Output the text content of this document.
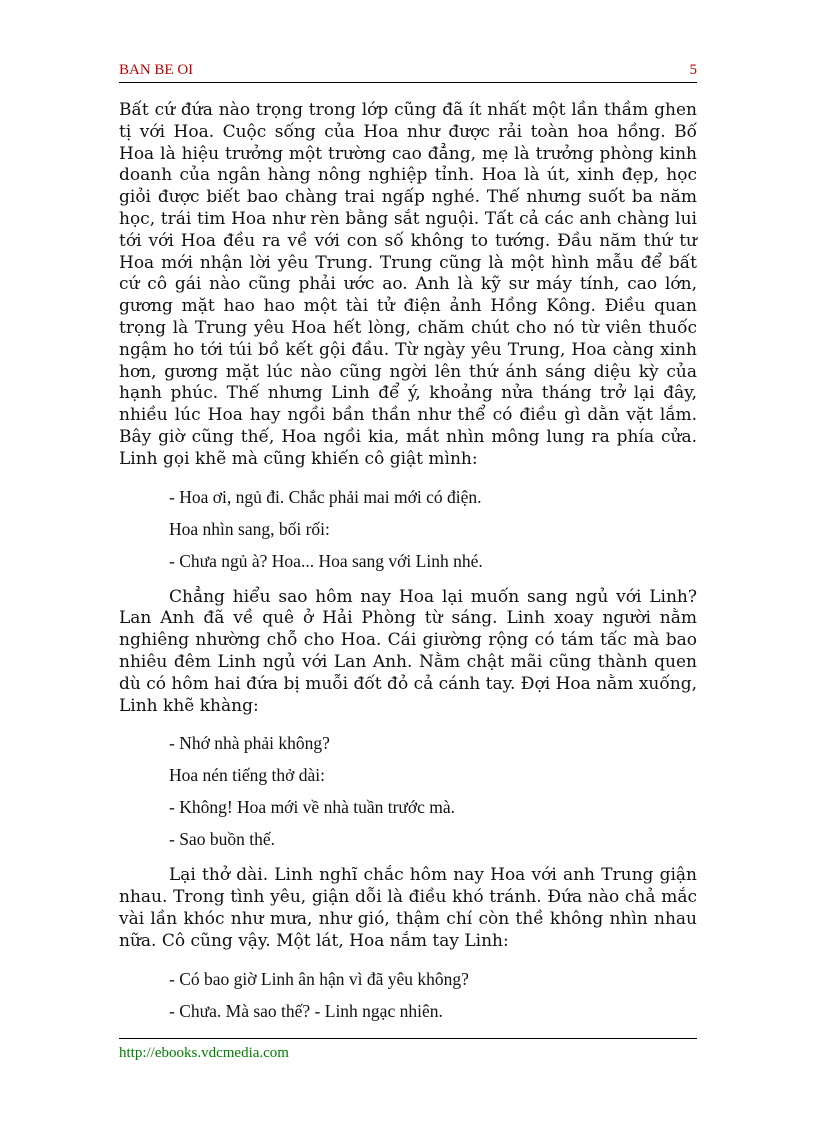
BAN BE OI	5

Bất cứ đứa nào trọng trong lớp cũng đã ít nhất một lần thầm ghen tị với Hoa. Cuộc sống của Hoa như được rải toàn hoa hồng. Bố Hoa là hiệu trưởng một trường cao đẳng, mẹ là trưởng phòng kinh doanh của ngân hàng nông nghiệp tỉnh. Hoa là út, xinh đẹp, học giỏi được biết bao chàng trai ngấp nghé. Thế nhưng suốt ba năm học, trái tim Hoa như rèn bằng sắt nguội. Tất cả các anh chàng lui tới với Hoa đều ra về với con số không to tướng. Đầu năm thứ tư Hoa mới nhận lời yêu Trung. Trung cũng là một hình mẫu để bất cứ cô gái nào cũng phải ước ao. Anh là kỹ sư máy tính, cao lớn, gương mặt hao hao một tài tử điện ảnh Hồng Kông. Điều quan trọng là Trung yêu Hoa hết lòng, chăm chút cho nó từ viên thuốc ngậm ho tới túi bồ kết gội đầu. Từ ngày yêu Trung, Hoa càng xinh hơn, gương mặt lúc nào cũng ngời lên thứ ánh sáng diệu kỳ của hạnh phúc. Thế nhưng Linh để ý, khoảng nửa tháng trở lại đây, nhiều lúc Hoa hay ngồi bần thần như thể có điều gì dằn vặt lắm. Bây giờ cũng thế, Hoa ngồi kia, mắt nhìn mông lung ra phía cửa. Linh gọi khẽ mà cũng khiến cô giật mình:

- Hoa ơi, ngủ đi. Chắc phải mai mới có điện.

Hoa nhìn sang, bối rối:

- Chưa ngủ à? Hoa... Hoa sang với Linh nhé.

Chẳng hiểu sao hôm nay Hoa lại muốn sang ngủ với Linh? Lan Anh đã về quê ở Hải Phòng từ sáng. Linh xoay người nằm nghiêng nhường chỗ cho Hoa. Cái giường rộng có tám tấc mà bao nhiêu đêm Linh ngủ với Lan Anh. Nằm chật mãi cũng thành quen dù có hôm hai đứa bị muỗi đốt đỏ cả cánh tay. Đợi Hoa nằm xuống, Linh khẽ khàng:

- Nhớ nhà phải không?

Hoa nén tiếng thở dài:

- Không! Hoa mới về nhà tuần trước mà.

- Sao buồn thế.

Lại thở dài. Linh nghĩ chắc hôm nay Hoa với anh Trung giận nhau. Trong tình yêu, giận dỗi là điều khó tránh. Đứa nào chả mắc vài lần khóc như mưa, như gió, thậm chí còn thề không nhìn nhau nữa. Cô cũng vậy. Một lát, Hoa nắm tay Linh:

- Có bao giờ Linh ân hận vì đã yêu không?

- Chưa. Mà sao thế? - Linh ngạc nhiên.

http://ebooks.vdcmedia.com
